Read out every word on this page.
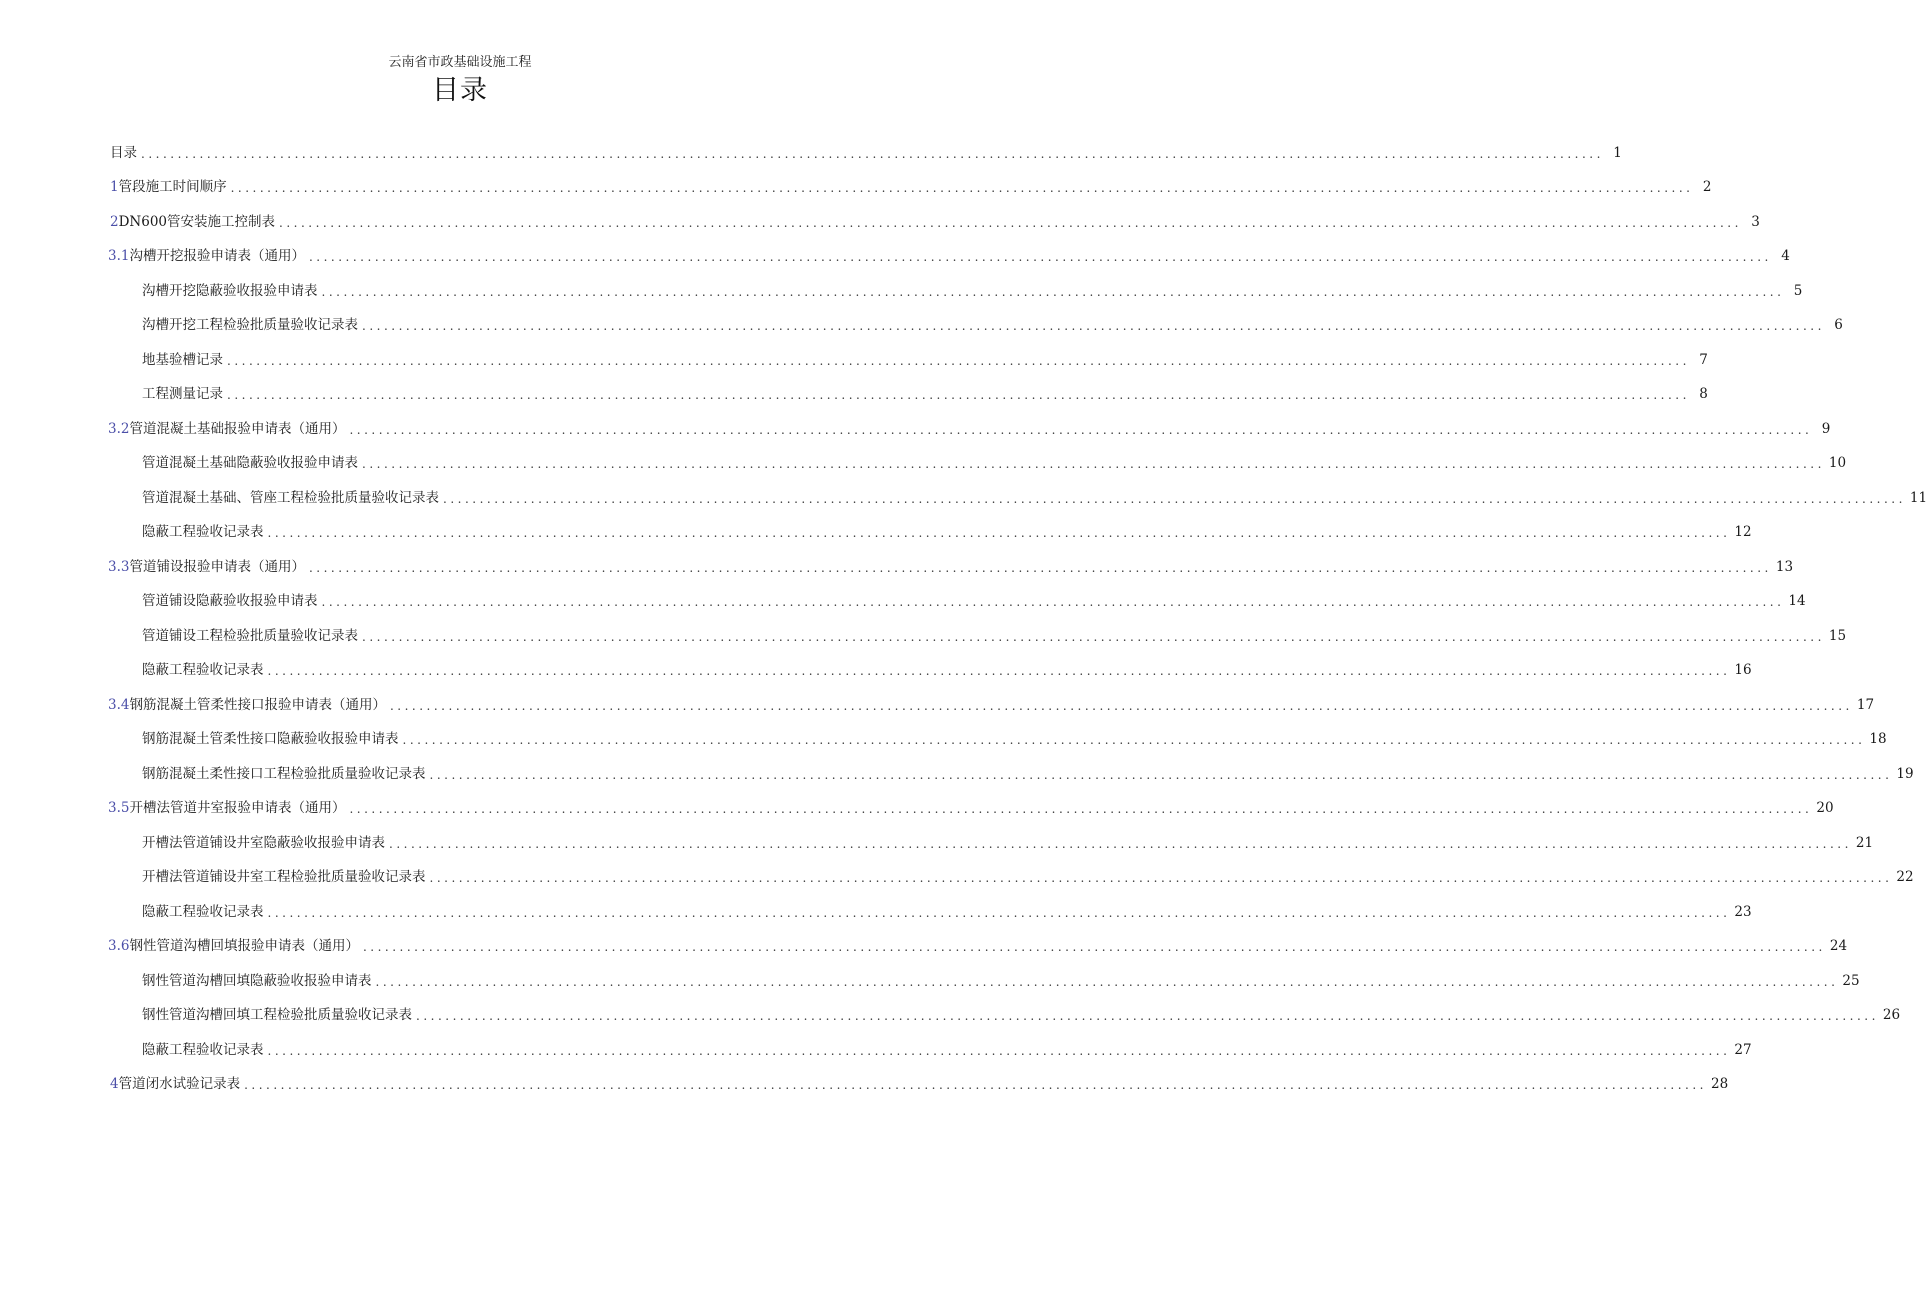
云南省市政基础设施工程
目录
目录 ........................................................................................................................................................................................................ 1
1 管段施工时间顺序 ........................................................................................................................................................................................................ 2
2 DN600管安装施工控制表 ........................................................................................................................................................................................................ 3
3.1 沟槽开挖 报验申请表（通用） ........................................................................................................................................................................................................ 4
沟槽开挖 隐蔽验收报验申请表 ........................................................................................................................................................................................................ 5
沟槽开挖工程检验批质量验收记录表 ........................................................................................................................................................................................................ 6
地基验槽记录 ........................................................................................................................................................................................................ 7
工程测量记录 ........................................................................................................................................................................................................ 8
3.2 管道混凝土基础报验申请表（通用） ........................................................................................................................................................................................................ 9
管道混凝土基础隐蔽验收报验申请表 ........................................................................................................................................................................................................ 10
管道混凝土基础、管座工程检验批质量验收记录表 ........................................................................................................................................................................................................ 11
隐蔽工程验收记录表 ........................................................................................................................................................................................................ 12
3.3 管道铺设报验申请表（通用） ........................................................................................................................................................................................................ 13
管道铺设 隐蔽验收报验申请表 ........................................................................................................................................................................................................ 14
管道铺设工程检验批质量验收记录表 ........................................................................................................................................................................................................ 15
隐蔽工程验收记录表 ........................................................................................................................................................................................................ 16
3.4 钢筋混凝土管柔性接口 报验申请表（通用） ........................................................................................................................................................................................................ 17
钢筋混凝土管柔性接口隐蔽验收报验申请表 ........................................................................................................................................................................................................ 18
钢筋混凝土柔性接口工程检验批质量验收记录表 ........................................................................................................................................................................................................ 19
3.5 开槽法管道井室 报验申请表（通用） ........................................................................................................................................................................................................ 20
开槽法管道铺设井室隐蔽验收报验申请表 ........................................................................................................................................................................................................ 21
开槽法管道铺设井室工程检验批质量验收记录表 ........................................................................................................................................................................................................ 22
隐蔽工程验收记录表 ........................................................................................................................................................................................................ 23
3.6 钢性管道沟槽回填 报验申请表（通用） ........................................................................................................................................................................................................ 24
钢性管道沟槽回填隐蔽验收报验申请表 ........................................................................................................................................................................................................ 25
钢性管道沟槽回填工程检验批质量验收记录表 ........................................................................................................................................................................................................ 26
隐蔽工程验收记录表 ........................................................................................................................................................................................................ 27
4 管道闭水试验记录表 ........................................................................................................................................................................................................ 28
